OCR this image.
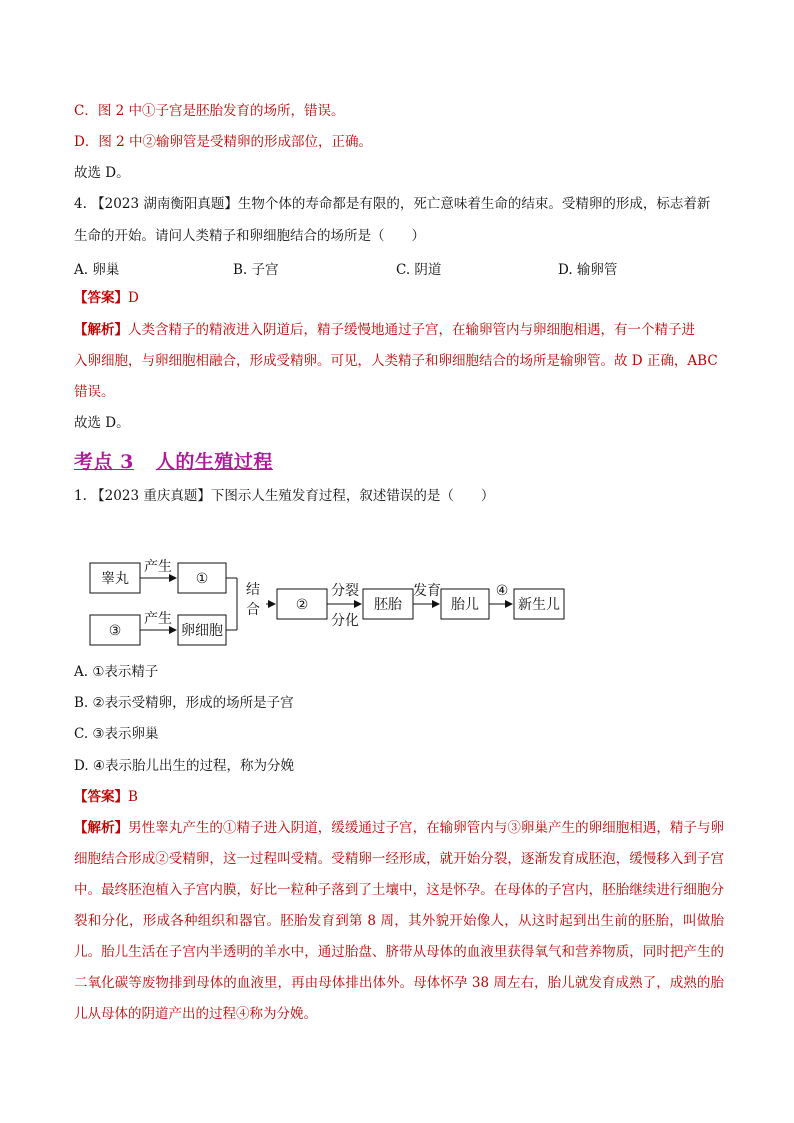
C．图 2 中①子宫是胚胎发育的场所，错误。
D．图 2 中②输卵管是受精卵的形成部位，正确。
故选 D。
4. 【2023 湖南衡阳真题】生物个体的寿命都是有限的，死亡意味着生命的结束。受精卵的形成，标志着新
生命的开始。请问人类精子和卵细胞结合的场所是（　　）
A. 卵巢	B. 子宫	C. 阴道	D. 输卵管
【答案】D
【解析】人类含精子的精液进入阴道后，精子缓慢地通过子宫，在输卵管内与卵细胞相遇，有一个精子进
入卵细胞，与卵细胞相融合，形成受精卵。可见，人类精子和卵细胞结合的场所是输卵管。故 D 正确，ABC
错误。
故选 D。
考点 3 人的生殖过程
1. 【2023 重庆真题】下图示人生殖发育过程，叙述错误的是（　　）
睾丸	①
产生
③
产生
卵细胞
结
合	②
分裂
分化
胚胎
发育
胎儿
④
新生儿
A. ①表示精子
B. ②表示受精卵，形成的场所是子宫
C. ③表示卵巢
D. ④表示胎儿出生的过程，称为分娩
【答案】B
【解析】男性睾丸产生的①精子进入阴道，缓缓通过子宫，在输卵管内与③卵巢产生的卵细胞相遇，精子与卵细胞结合形成②受精卵，这一过程叫受精。受精卵一经形成，就开始分裂，逐渐发育成胚泡，缓慢移入到子宫中。最终胚泡植入子宫内膜，好比一粒种子落到了土壤中，这是怀孕。在母体的子宫内，胚胎继续进行细胞分裂和分化，形成各种组织和器官。胚胎发育到第 8 周，其外貌开始像人，从这时起到出生前的胚胎，叫做胎儿。胎儿生活在子宫内半透明的羊水中，通过胎盘、脐带从母体的血液里获得氧气和营养物质，同时把产生的二氧化碳等废物排到母体的血液里，再由母体排出体外。母体怀孕 38 周左右，胎儿就发育成熟了，成熟的胎儿从母体的阴道产出的过程④称为分娩。
